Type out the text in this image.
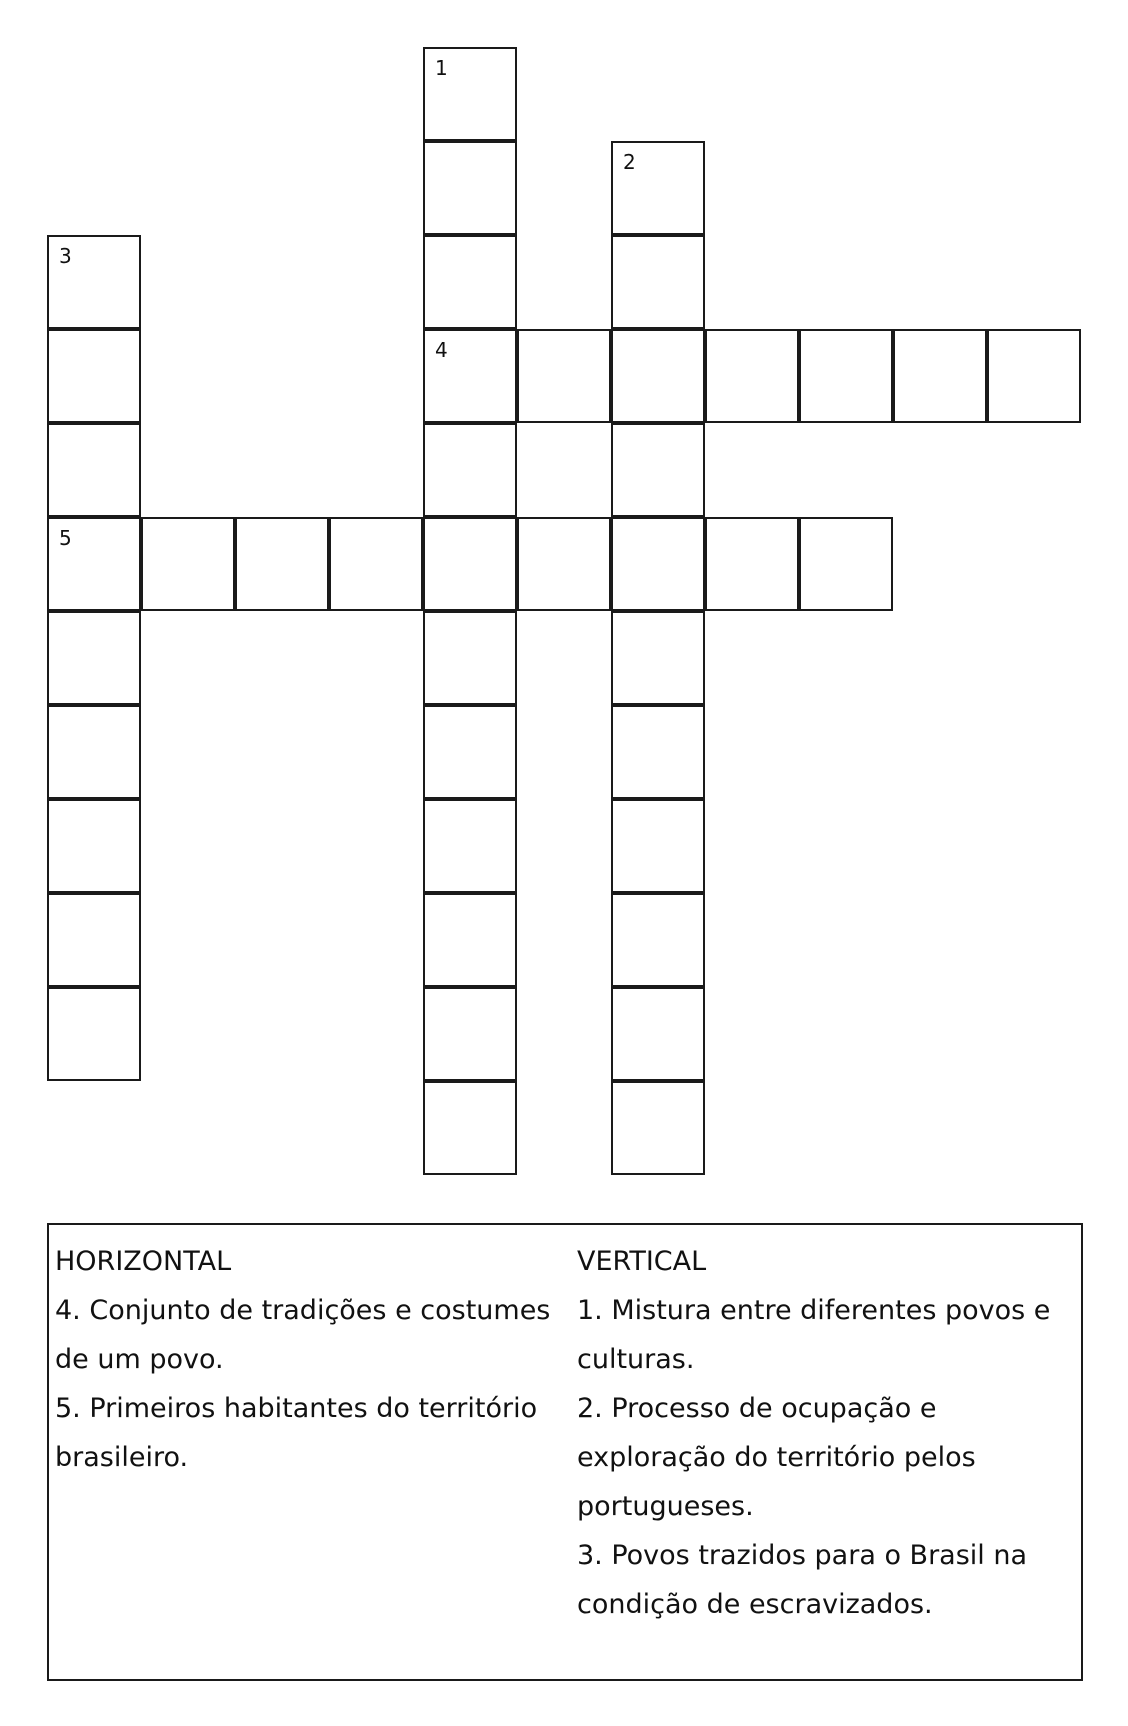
1
4
2
3
5
HORIZONTAL
4. Conjunto de tradições e costumes
de um povo.
5. Primeiros habitantes do território
brasileiro.
VERTICAL
1. Mistura entre diferentes povos e
culturas.
2. Processo de ocupação e
exploração do território pelos
portugueses.
3. Povos trazidos para o Brasil na
condição de escravizados.
